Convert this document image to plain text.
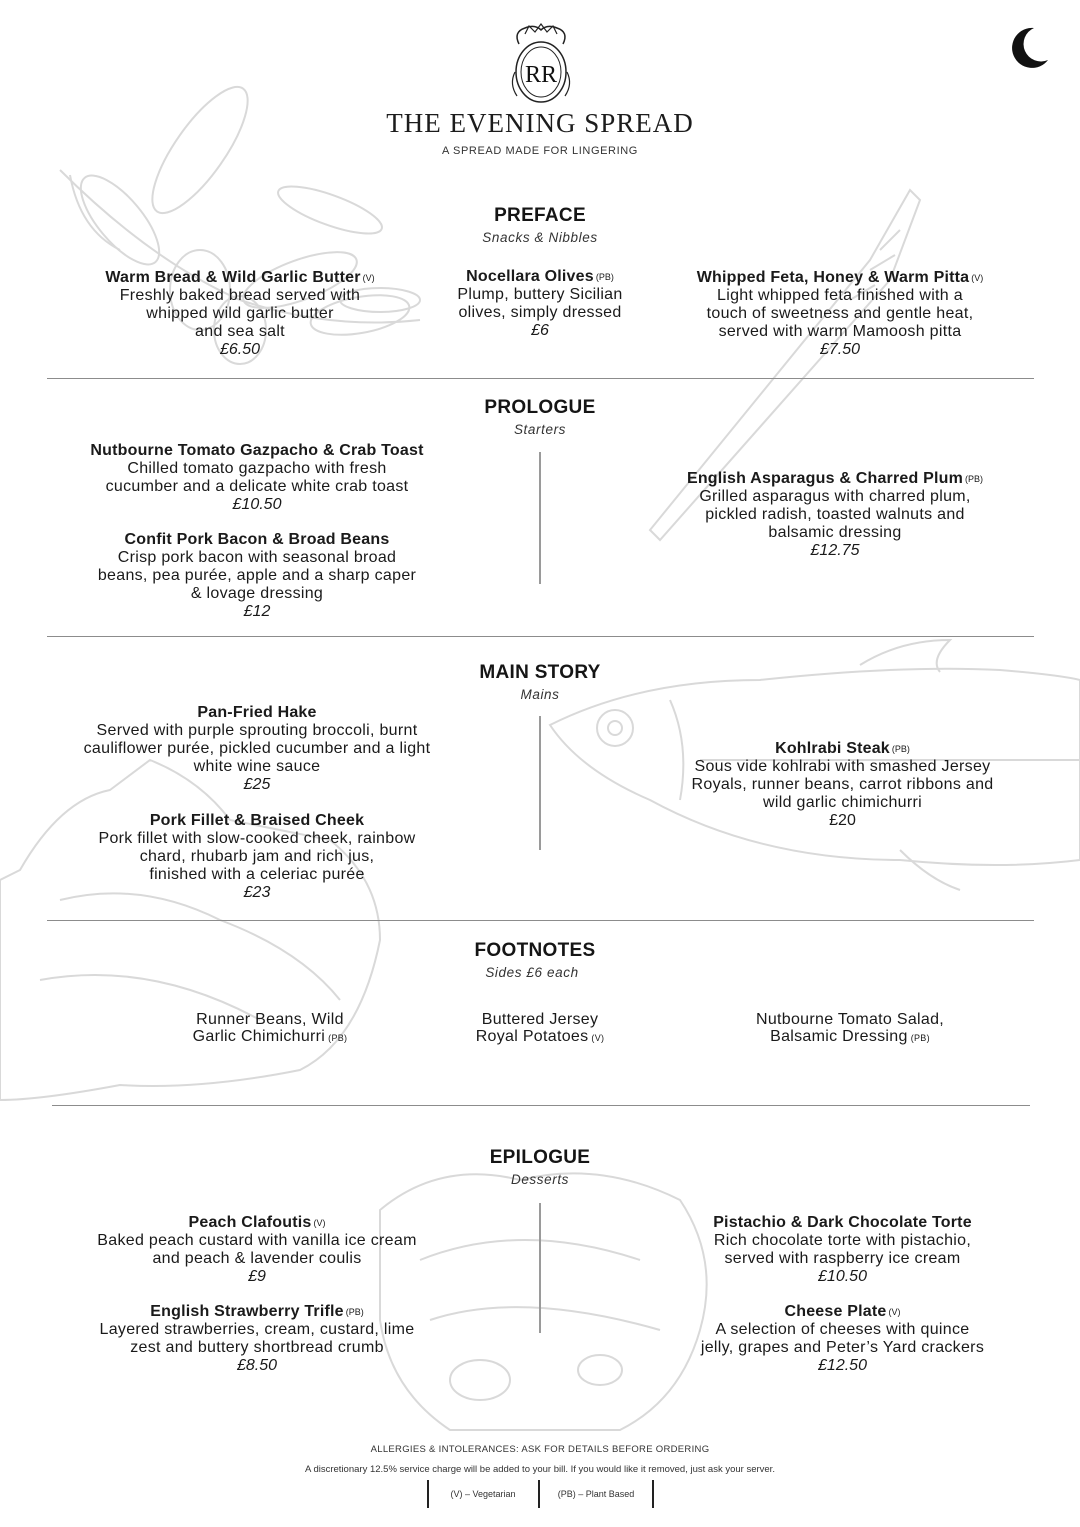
RR
THE EVENING SPREAD
A SPREAD MADE FOR LINGERING
PREFACE
Snacks & Nibbles
Warm Bread & Wild Garlic Butter (V)
Freshly baked bread served with
whipped wild garlic butter
and sea salt
£6.50
Nocellara Olives (PB)
Plump, buttery Sicilian
olives, simply dressed
£6
Whipped Feta, Honey & Warm Pitta (V)
Light whipped feta finished with a
touch of sweetness and gentle heat,
served with warm Mamoosh pitta
£7.50
PROLOGUE
Starters
Nutbourne Tomato Gazpacho & Crab Toast
Chilled tomato gazpacho with fresh
cucumber and a delicate white crab toast
£10.50
Confit Pork Bacon & Broad Beans
Crisp pork bacon with seasonal broad
beans, pea purée, apple and a sharp caper
& lovage dressing
£12
English Asparagus & Charred Plum (PB)
Grilled asparagus with charred plum,
pickled radish, toasted walnuts and
balsamic dressing
£12.75
MAIN STORY
Mains
Pan-Fried Hake
Served with purple sprouting broccoli, burnt
cauliflower purée, pickled cucumber and a light
white wine sauce
£25
Pork Fillet & Braised Cheek
Pork fillet with slow-cooked cheek, rainbow
chard, rhubarb jam and rich jus,
finished with a celeriac purée
£23
Kohlrabi Steak (PB)
Sous vide kohlrabi with smashed Jersey
Royals, runner beans, carrot ribbons and
wild garlic chimichurri
£20
FOOTNOTES
Sides £6 each
Runner Beans, Wild
Garlic Chimichurri (PB)
Buttered Jersey
Royal Potatoes (V)
Nutbourne Tomato Salad,
Balsamic Dressing (PB)
EPILOGUE
Desserts
Peach Clafoutis (V)
Baked peach custard with vanilla ice cream
and peach & lavender coulis
£9
English Strawberry Trifle (PB)
Layered strawberries, cream, custard, lime
zest and buttery shortbread crumb
£8.50
Pistachio & Dark Chocolate Torte
Rich chocolate torte with pistachio,
served with raspberry ice cream
£10.50
Cheese Plate (V)
A selection of cheeses with quince
jelly, grapes and Peter’s Yard crackers
£12.50
ALLERGIES & INTOLERANCES: ASK FOR DETAILS BEFORE ORDERING
A discretionary 12.5% service charge will be added to your bill. If you would like it removed, just ask your server.
(V) – Vegetarian	(PB) – Plant Based
